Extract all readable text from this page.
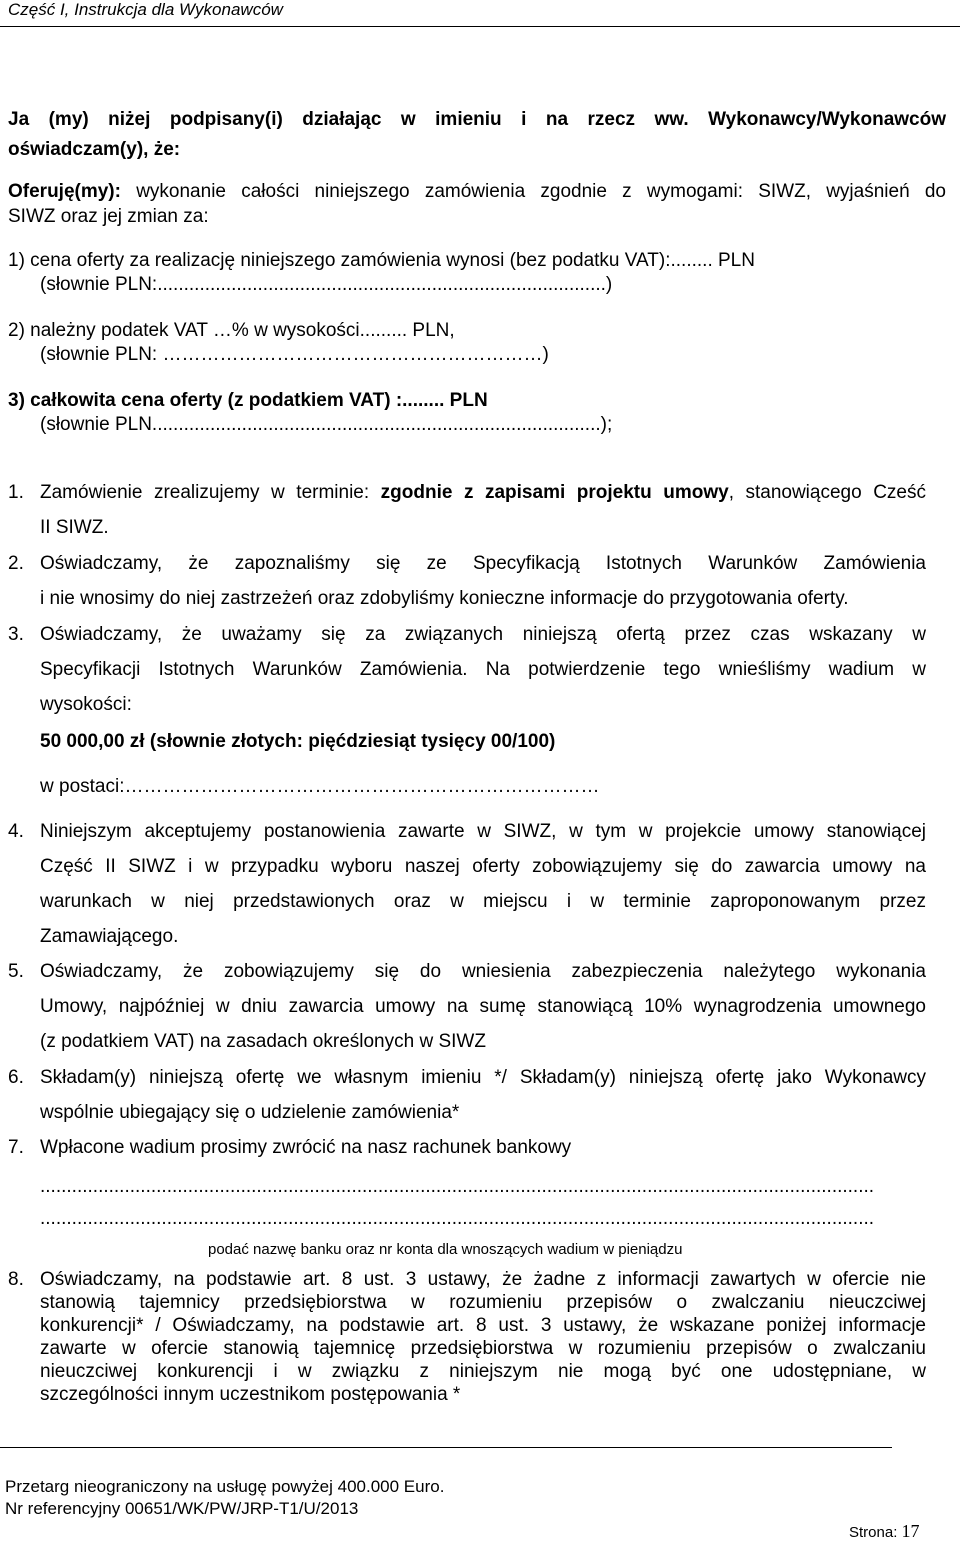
Część I, Instrukcja dla Wykonawców
Ja (my) niżej podpisany(i) działając w imieniu i na rzecz ww. Wykonawcy/Wykonawców
oświadczam(y), że:
Oferuję(my): wykonanie całości niniejszego zamówienia zgodnie z wymogami: SIWZ, wyjaśnień do
SIWZ oraz jej zmian za:
1) cena oferty za realizację niniejszego zamówienia wynosi (bez podatku VAT):........ PLN
(słownie PLN:.....................................................................................)
2) należny podatek VAT …% w wysokości......... PLN,
(słownie PLN: ……………………………………………………)
3) całkowita cena oferty (z podatkiem VAT) :........ PLN
(słownie PLN.....................................................................................);
1. Zamówienie zrealizujemy w terminie: zgodnie z zapisami projektu umowy, stanowiącego Cześć
II SIWZ.
2. Oświadczamy, że zapoznaliśmy się ze Specyfikacją Istotnych Warunków Zamówienia
i nie wnosimy do niej zastrzeżeń oraz zdobyliśmy konieczne informacje do przygotowania oferty.
3. Oświadczamy, że uważamy się za związanych niniejszą ofertą przez czas wskazany w
Specyfikacji Istotnych Warunków Zamówienia. Na potwierdzenie tego wnieśliśmy wadium w
wysokości:
50 000,00 zł (słownie złotych: pięćdziesiąt tysięcy 00/100)
w postaci:…………………………………………………………………
4. Niniejszym akceptujemy postanowienia zawarte w SIWZ, w tym w projekcie umowy stanowiącej
Część II SIWZ i w przypadku wyboru naszej oferty zobowiązujemy się do zawarcia umowy na
warunkach w niej przedstawionych oraz w miejscu i w terminie zaproponowanym przez
Zamawiającego.
5. Oświadczamy, że zobowiązujemy się do wniesienia zabezpieczenia należytego wykonania
Umowy, najpóźniej w dniu zawarcia umowy na sumę stanowiącą 10% wynagrodzenia umownego
(z podatkiem VAT) na zasadach określonych w SIWZ
6. Składam(y) niniejszą ofertę we własnym imieniu */ Składam(y) niniejszą ofertę jako Wykonawcy
wspólnie ubiegający się o udzielenie zamówienia*
7. Wpłacone wadium prosimy zwrócić na nasz rachunek bankowy
..............................................................................................................................................................
..............................................................................................................................................................
podać nazwę banku oraz nr konta dla wnoszących wadium w pieniądzu
8. Oświadczamy, na podstawie art. 8 ust. 3 ustawy, że żadne z informacji zawartych w ofercie nie
stanowią tajemnicy przedsiębiorstwa w rozumieniu przepisów o zwalczaniu nieuczciwej
konkurencji* / Oświadczamy, na podstawie art. 8 ust. 3 ustawy, że wskazane poniżej informacje
zawarte w ofercie stanowią tajemnicę przedsiębiorstwa w rozumieniu przepisów o zwalczaniu
nieuczciwej konkurencji i w związku z niniejszym nie mogą być one udostępniane, w
szczególności innym uczestnikom postępowania *
Przetarg nieograniczony na usługę powyżej 400.000 Euro.
Nr referencyjny 00651/WK/PW/JRP-T1/U/2013
Strona: 17
